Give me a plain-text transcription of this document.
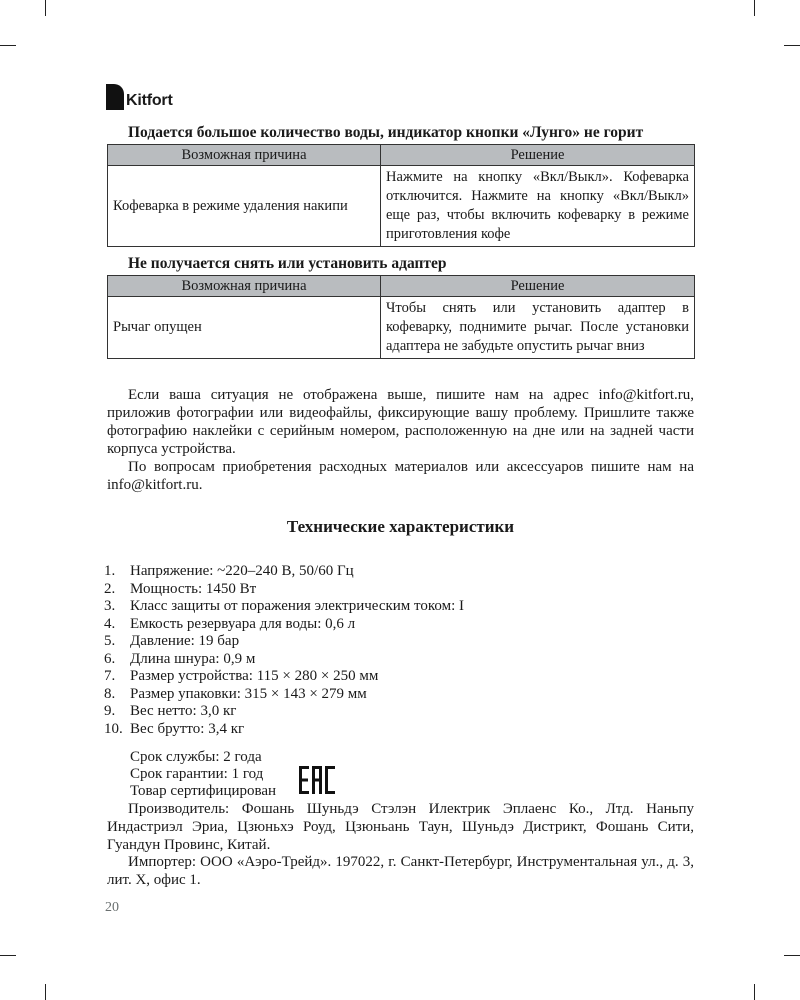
Kitfort
Подается большое количество воды, индикатор кнопки «Лунго» не горит
Возможная причина	Решение
Кофеварка в режиме удаления накипи	Нажмите на кнопку «Вкл/Выкл». Кофеварка отключится. Нажмите на кнопку «Вкл/Выкл» еще раз, чтобы включить кофеварку в режиме приготовления кофе
Не получается снять или установить адаптер
Возможная причина	Решение
Рычаг опущен	Чтобы снять или установить адаптер в кофеварку, поднимите рычаг. После установки адаптера не забудьте опустить рычаг вниз

Если ваша ситуация не отображена выше, пишите нам на адрес info@kitfort.ru, приложив фотографии или видеофайлы, фиксирующие вашу проблему. Пришлите также фотографию наклейки с серийным номером, расположенную на дне или на задней части корпуса устройства.

По вопросам приобретения расходных материалов или аксессуаров пишите нам на info@kitfort.ru.

Технические характеристики
1. Напряжение: ~220–240 В, 50/60 Гц
2. Мощность: 1450 Вт
3. Класс защиты от поражения электрическим током: I
4. Емкость резервуара для воды: 0,6 л
5. Давление: 19 бар
6. Длина шнура: 0,9 м
7. Размер устройства: 115 × 280 × 250 мм
8. Размер упаковки: 315 × 143 × 279 мм
9. Вес нетто: 3,0 кг
10. Вес брутто: 3,4 кг
Срок службы: 2 года
Срок гарантии: 1 год
Товар сертифицирован

Производитель: Фошань Шуньдэ Стэлэн Илектрик Эплаенс Ко., Лтд. Наньпу Индастриэл Эриа, Цзюньхэ Роуд, Цзюньань Таун, Шуньдэ Дистрикт, Фошань Сити, Гуандун Провинс, Китай.

Импортер: ООО «Аэро-Трейд». 197022, г. Санкт-Петербург, Инструментальная ул., д. 3, лит. Х, офис 1.

20
